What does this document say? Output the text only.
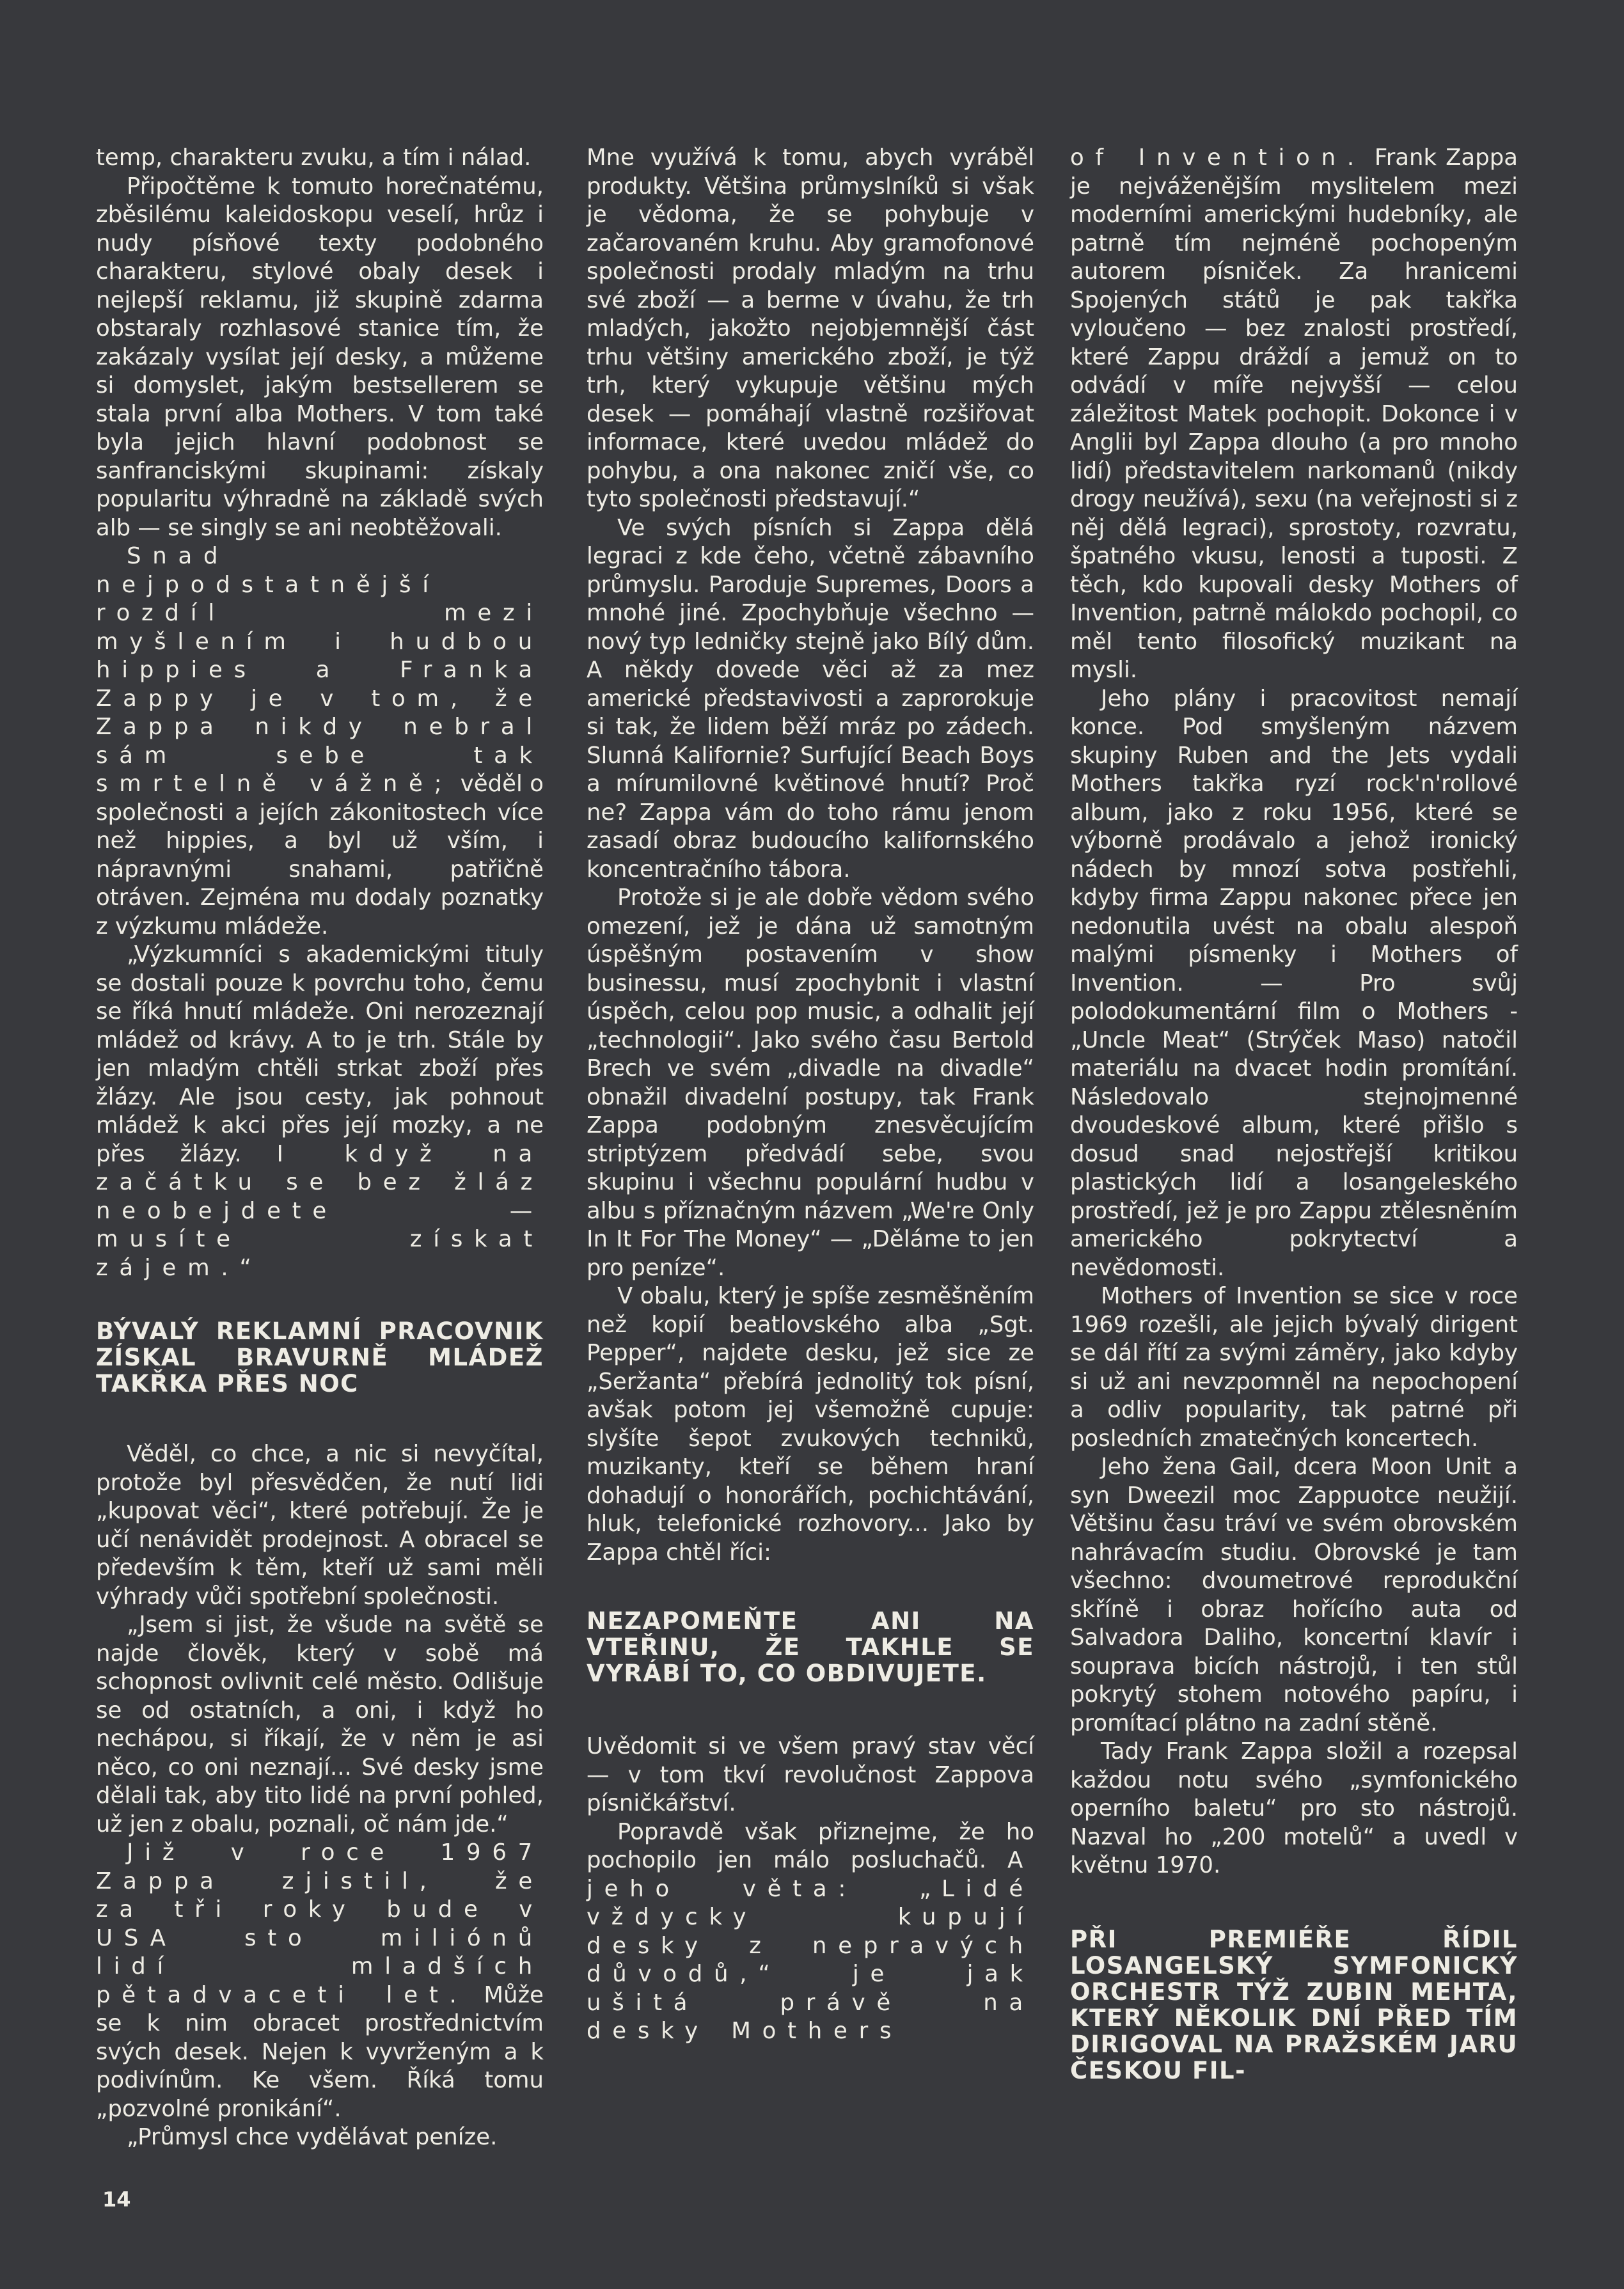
temp, charakteru zvuku, a tím i nálad.

Připočtěme k tomuto horečnatému, zběsilému kaleidoskopu veselí, hrůz i nudy písňové texty podobného charakteru, stylové obaly desek i nejlepší reklamu, již skupině zdarma obstaraly rozhlasové stanice tím, že zakázaly vysílat její desky, a můžeme si domyslet, jakým bestsellerem se stala první alba Mothers. V tom také byla jejich hlavní podobnost se sanfranciskými skupinami: získaly popularitu výhradně na základě svých alb — se singly se ani neobtěžovali.

Snad nejpodstatnější rozdíl mezi myšlením i hudbou hippies a Franka Zappy je v tom, že Zappa nikdy nebral sám sebe tak smrtelně vážně; věděl o společnosti a jejích zákonitostech více než hippies, a byl už vším, i nápravnými snahami, patřičně otráven. Zejména mu dodaly poznatky z výzkumu mládeže.

„Výzkumníci s akademickými tituly se dostali pouze k povrchu toho, čemu se říká hnutí mládeže. Oni nerozeznají mládež od krávy. A to je trh. Stále by jen mladým chtěli strkat zboží přes žlázy. Ale jsou cesty, jak pohnout mládež k akci přes její mozky, a ne přes žlázy. I když na začátku se bez žláz neobejdete — musíte získat zájem.“

BÝVALÝ REKLAMNÍ PRACOVNIK ZÍSKAL BRAVURNĚ MLÁDEŽ TAKŘKA PŘES NOC

Věděl, co chce, a nic si nevyčítal, protože byl přesvědčen, že nutí lidi „kupovat věci“, které potřebují. Že je učí nenávidět prodejnost. A obracel se především k těm, kteří už sami měli výhrady vůči spotřební společnosti.

„Jsem si jist, že všude na světě se najde člověk, který v sobě má schopnost ovlivnit celé město. Odlišuje se od ostatních, a oni, i když ho nechápou, si říkají, že v něm je asi něco, co oni neznají... Své desky jsme dělali tak, aby tito lidé na první pohled, už jen z obalu, poznali, oč nám jde.“

Již v roce 1967 Zappa zjistil, že za tři roky bude v USA sto miliónů lidí mladších pětadvaceti let. Může se k nim obracet prostřednictvím svých desek. Nejen k vyvrženým a k podivínům. Ke všem. Říká tomu „pozvolné pronikání“.

„Průmysl chce vydělávat peníze.

Mne využívá k tomu, abych vyráběl produkty. Většina průmyslníků si však je vědoma, že se pohybuje v začarovaném kruhu. Aby gramofonové společnosti prodaly mladým na trhu své zboží — a berme v úvahu, že trh mladých, jakožto nejobjemnější část trhu většiny amerického zboží, je týž trh, který vykupuje většinu mých desek — pomáhají vlastně rozšiřovat informace, které uvedou mládež do pohybu, a ona nakonec zničí vše, co tyto společnosti představují.“

Ve svých písních si Zappa dělá legraci z kde čeho, včetně zábavního průmyslu. Paroduje Supremes, Doors a mnohé jiné. Zpochybňuje všechno — nový typ ledničky stejně jako Bílý dům. A někdy dovede věci až za mez americké představivosti a zaprorokuje si tak, že lidem běží mráz po zádech. Slunná Kalifornie? Surfující Beach Boys a mírumilovné květinové hnutí? Proč ne? Zappa vám do toho rámu jenom zasadí obraz budoucího kalifornského koncentračního tábora.

Protože si je ale dobře vědom svého omezení, jež je dána už samotným úspěšným postavením v show businessu, musí zpochybnit i vlastní úspěch, celou pop music, a odhalit její „technologii“. Jako svého času Bertold Brech ve svém „divadle na divadle“ obnažil divadelní postupy, tak Frank Zappa podobným znesvěcujícím striptýzem předvádí sebe, svou skupinu i všechnu populární hudbu v albu s příznačným názvem „We're Only In It For The Money“ — „Děláme to jen pro peníze“.

V obalu, který je spíše zesměšněním než kopií beatlovského alba „Sgt. Pepper“, najdete desku, jež sice ze „Seržanta“ přebírá jednolitý tok písní, avšak potom jej všemožně cupuje: slyšíte šepot zvukových techniků, muzikanty, kteří se během hraní dohadují o honorářích, pochichtávání, hluk, telefonické rozhovory... Jako by Zappa chtěl říci:

NEZAPOMEŇTE ANI NA VTEŘINU, ŽE TAKHLE SE VYRÁBÍ TO, CO OBDIVUJETE.

Uvědomit si ve všem pravý stav věcí — v tom tkví revolučnost Zappova písničkářství.

Popravdě však přiznejme, že ho pochopilo jen málo posluchačů. A jeho věta: „Lidé vždycky kupují desky z nepravých důvodů,“ je jak ušitá právě na desky Mothers

of Invention. Frank Zappa je nejváženějším myslitelem mezi moderními americkými hudebníky, ale patrně tím nejméně pochopeným autorem písniček. Za hranicemi Spojených států je pak takřka vyloučeno — bez znalosti prostředí, které Zappu dráždí a jemuž on to odvádí v míře nejvyšší — celou záležitost Matek pochopit. Dokonce i v Anglii byl Zappa dlouho (a pro mnoho lidí) představitelem narkomanů (nikdy drogy neužívá), sexu (na veřejnosti si z něj dělá legraci), sprostoty, rozvratu, špatného vkusu, lenosti a tuposti. Z těch, kdo kupovali desky Mothers of Invention, patrně málokdo pochopil, co měl tento filosofický muzikant na mysli.

Jeho plány i pracovitost nemají konce. Pod smyšleným názvem skupiny Ruben and the Jets vydali Mothers takřka ryzí rock'n'rollové album, jako z roku 1956, které se výborně prodávalo a jehož ironický nádech by mnozí sotva postřehli, kdyby firma Zappu nakonec přece jen nedonutila uvést na obalu alespoň malými písmenky i Mothers of Invention. — Pro svůj polodokumentární film o Mothers - „Uncle Meat“ (Strýček Maso) natočil materiálu na dvacet hodin promítání. Následovalo stejnojmenné dvoudeskové album, které přišlo s dosud snad nejostřejší kritikou plastických lidí a losangeleského prostředí, jež je pro Zappu ztělesněním amerického pokrytectví a nevědomosti.

Mothers of Invention se sice v roce 1969 rozešli, ale jejich bývalý dirigent se dál řítí za svými záměry, jako kdyby si už ani nevzpomněl na nepochopení a odliv popularity, tak patrné při posledních zmatečných koncertech.

Jeho žena Gail, dcera Moon Unit a syn Dweezil moc Zappuotce neužijí. Většinu času tráví ve svém obrovském nahrávacím studiu. Obrovské je tam všechno: dvoumetrové reprodukční skříně i obraz hořícího auta od Salvadora Daliho, koncertní klavír i souprava bicích nástrojů, i ten stůl pokrytý stohem notového papíru, i promítací plátno na zadní stěně.

Tady Frank Zappa složil a rozepsal každou notu svého „symfonického operního baletu“ pro sto nástrojů. Nazval ho „200 motelů“ a uvedl v květnu 1970.

PŘI PREMIÉŘE ŘÍDIL LOSANGELSKÝ SYMFONICKÝ ORCHESTR TÝŽ ZUBIN MEHTA, KTERÝ NĚKOLIK DNÍ PŘED TÍM DIRIGOVAL NA PRAŽSKÉM JARU ČESKOU FIL-
14
